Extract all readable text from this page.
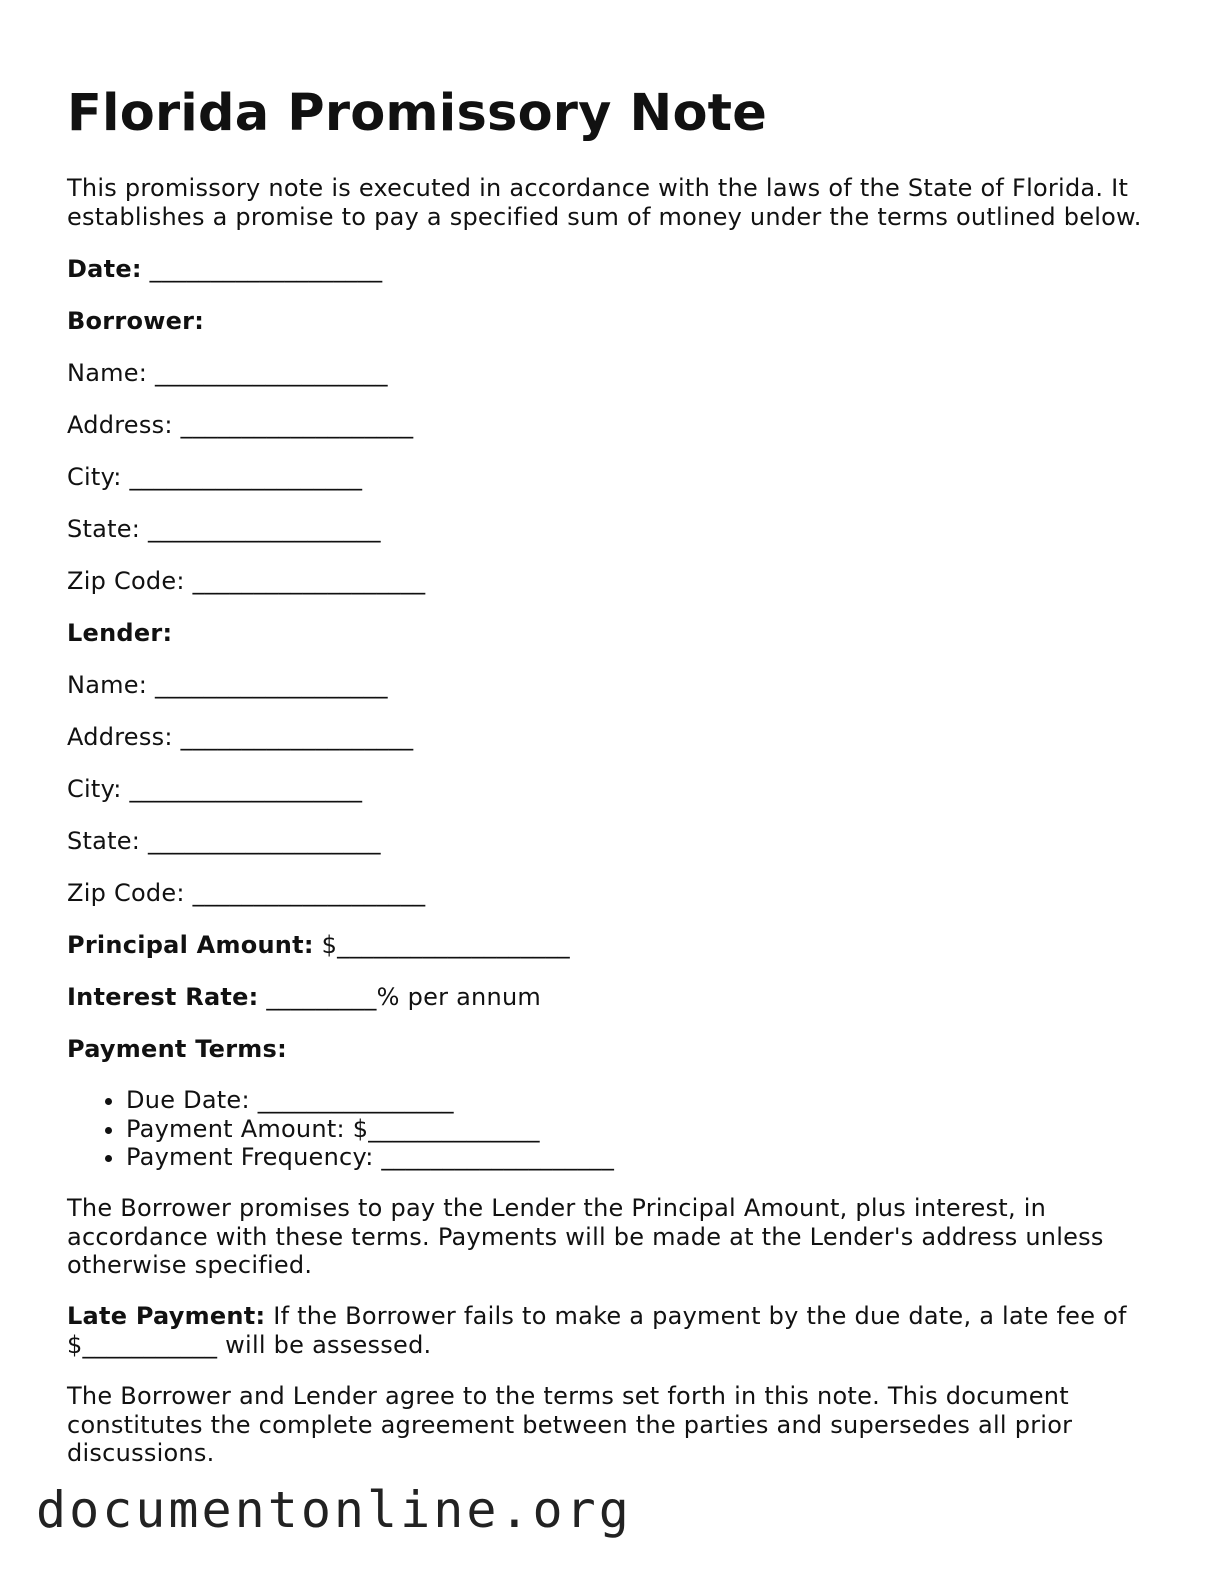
Florida Promissory Note

This promissory note is executed in accordance with the laws of the State of Florida. It establishes a promise to pay a specified sum of money under the terms outlined below.

Date: ___________________
Borrower:
Name: ___________________
Address: ___________________
City: ___________________
State: ___________________
Zip Code: ___________________
Lender:
Name: ___________________
Address: ___________________
City: ___________________
State: ___________________
Zip Code: ___________________
Principal Amount: $___________________
Interest Rate: _________% per annum
Payment Terms:
• Due Date: ________________
• Payment Amount: $______________
• Payment Frequency: ___________________

The Borrower promises to pay the Lender the Principal Amount, plus interest, in accordance with these terms. Payments will be made at the Lender's address unless otherwise specified.

Late Payment: If the Borrower fails to make a payment by the due date, a late fee of $___________ will be assessed.

The Borrower and Lender agree to the terms set forth in this note. This document constitutes the complete agreement between the parties and supersedes all prior discussions.

documentonline.org
